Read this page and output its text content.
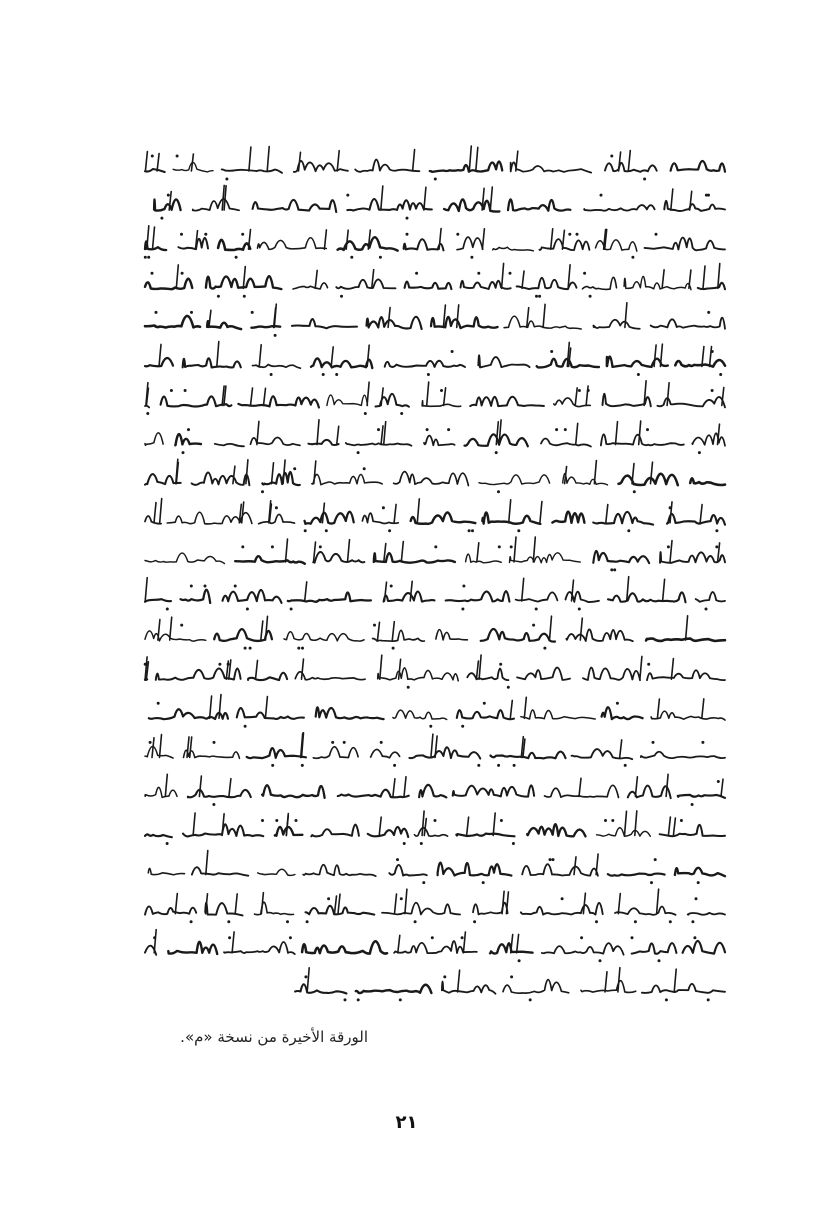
الورقة الأخيرة من نسخة «م».
٢١
